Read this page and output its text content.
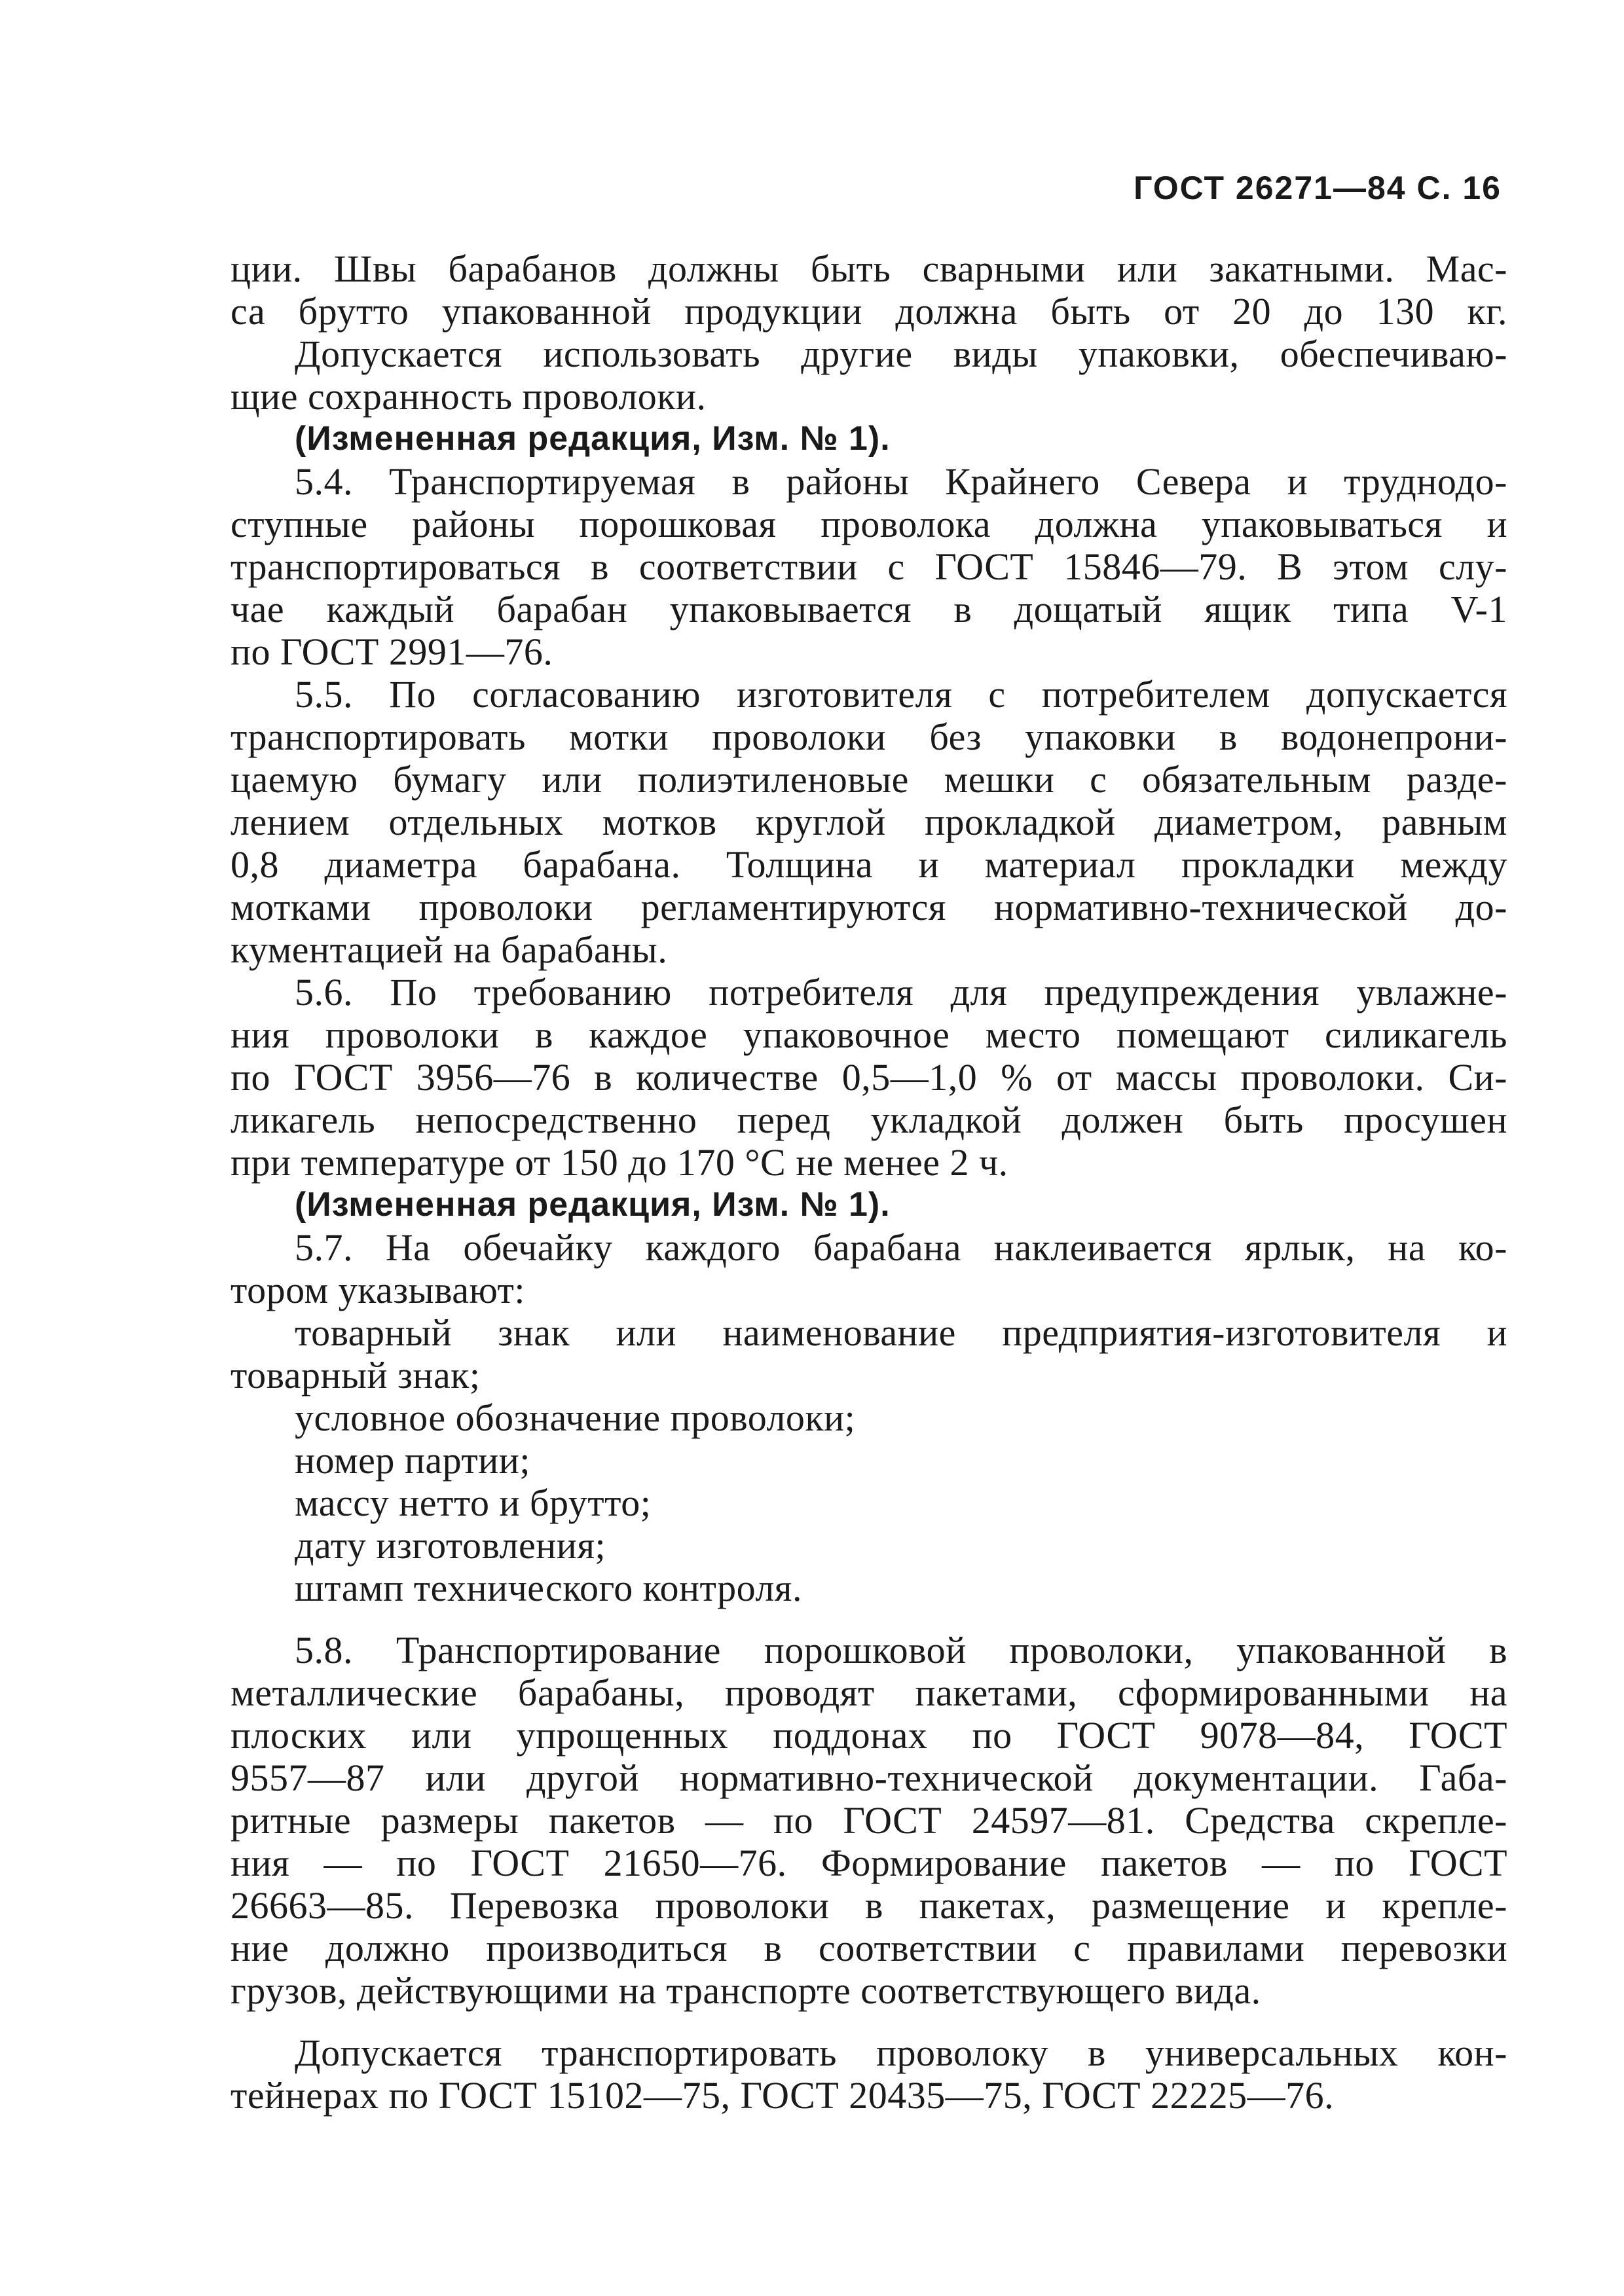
ГОСТ 26271—84 С. 16
ции. Швы барабанов должны быть сварными или закатными. Мас-
са брутто упакованной продукции должна быть от 20 до 130 кг.
Допускается использовать другие виды упаковки, обеспечиваю-
щие сохранность проволоки.
(Измененная редакция, Изм. № 1).
5.4. Транспортируемая в районы Крайнего Севера и труднодо-
ступные районы порошковая проволока должна упаковываться и
транспортироваться в соответствии с ГОСТ 15846—79. В этом слу-
чае каждый барабан упаковывается в дощатый ящик типа V-1
по ГОСТ 2991—76.
5.5. По согласованию изготовителя с потребителем допускается
транспортировать мотки проволоки без упаковки в водонепрони-
цаемую бумагу или полиэтиленовые мешки с обязательным разде-
лением отдельных мотков круглой прокладкой диаметром, равным
0,8 диаметра барабана. Толщина и материал прокладки между
мотками проволоки регламентируются нормативно-технической до-
кументацией на барабаны.
5.6. По требованию потребителя для предупреждения увлажне-
ния проволоки в каждое упаковочное место помещают силикагель
по ГОСТ 3956—76 в количестве 0,5—1,0 % от массы проволоки. Си-
ликагель непосредственно перед укладкой должен быть просушен
при температуре от 150 до 170 °С не менее 2 ч.
(Измененная редакция, Изм. № 1).
5.7. На обечайку каждого барабана наклеивается ярлык, на ко-
тором указывают:
товарный знак или наименование предприятия-изготовителя и
товарный знак;
условное обозначение проволоки;
номер партии;
массу нетто и брутто;
дату изготовления;
штамп технического контроля.
5.8. Транспортирование порошковой проволоки, упакованной в
металлические барабаны, проводят пакетами, сформированными на
плоских или упрощенных поддонах по ГОСТ 9078—84, ГОСТ
9557—87 или другой нормативно-технической документации. Габа-
ритные размеры пакетов — по ГОСТ 24597—81. Средства скрепле-
ния — по ГОСТ 21650—76. Формирование пакетов — по ГОСТ
26663—85. Перевозка проволоки в пакетах, размещение и крепле-
ние должно производиться в соответствии с правилами перевозки
грузов, действующими на транспорте соответствующего вида.
Допускается транспортировать проволоку в универсальных кон-
тейнерах по ГОСТ 15102—75, ГОСТ 20435—75, ГОСТ 22225—76.
